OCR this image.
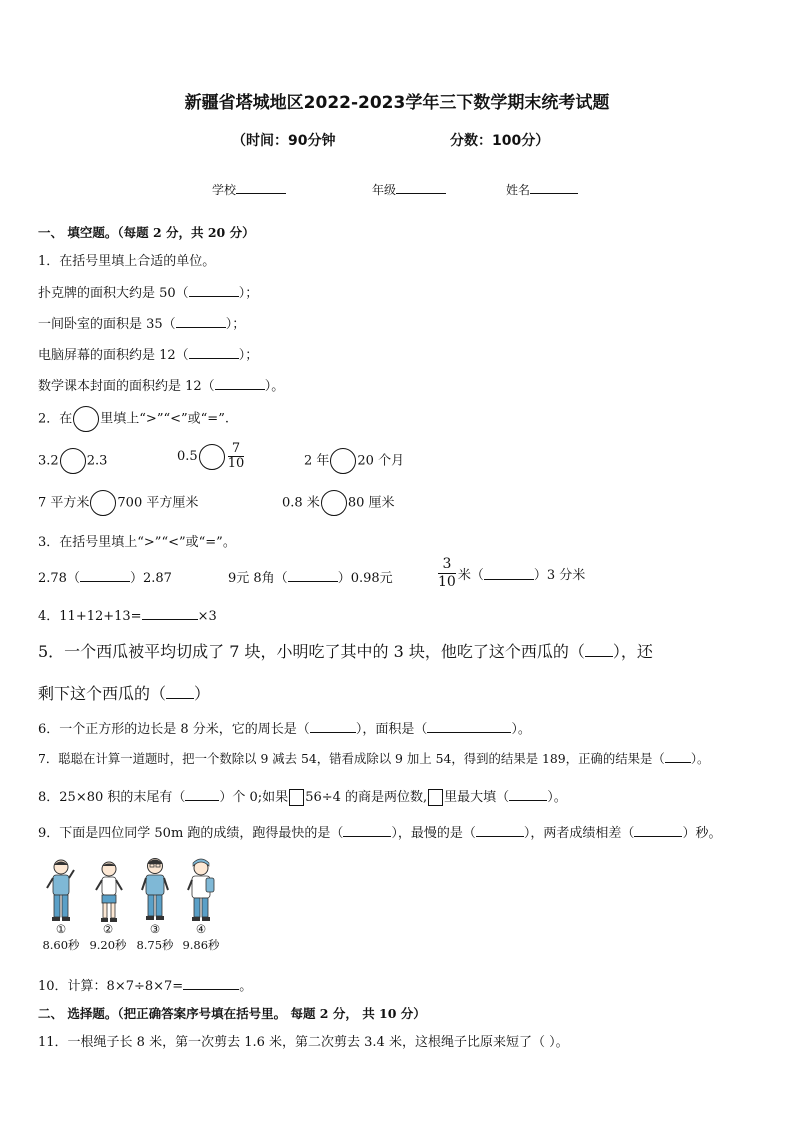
新疆省塔城地区2022-2023学年三下数学期末统考试题
（时间：90分钟	分数：100分）
学校	年级	姓名
一、 填空题。（每题 2 分，共 20 分）
1．在括号里填上合适的单位。
扑克牌的面积大约是 50（	）；
一间卧室的面积是 35（	）；
电脑屏幕的面积约是 12（	）；
数学课本封面的面积约是 12（	）。
2．在 里填上“>”“<”或“=”.
3.2 2.3	$0.5 \frac{7}{10}$	2 年 20 个月
7 平方米 700 平方厘米	0.8 米 80 厘米
3．在括号里填上“>”“<”或“=”。
2.78（	）2.87	9元 8角（	）0.98元	$\frac{3}{10}$ 米（	）3 分米
4．11+12+13=	×3
5．一个西瓜被平均切成了 7 块，小明吃了其中的 3 块，他吃了这个西瓜的（ ），还
剩下这个西瓜的（ ）
6．一个正方形的边长是 8 分米，它的周长是（	），面积是（	）。
7．聪聪在计算一道题时，把一个数除以 9 减去 54，错看成除以 9 加上 54，得到的结果是 189，正确的结果是（ ）。
8．25×80 积的末尾有（	）个 0;如果 56÷4 的商是两位数, 里最大填（	）。
9．下面是四位同学 50m 跑的成绩，跑得最快的是（	），最慢的是（	），两者成绩相差（	）秒。
①	②	③	④
8.60秒 9.20秒 8.75秒 9.86秒
10．计算：8×7÷8×7=	。
二、 选择题。（把正确答案序号填在括号里。 每题 2 分， 共 10 分）
11．一根绳子长 8 米，第一次剪去 1.6 米，第二次剪去 3.4 米，这根绳子比原来短了（ ）。
